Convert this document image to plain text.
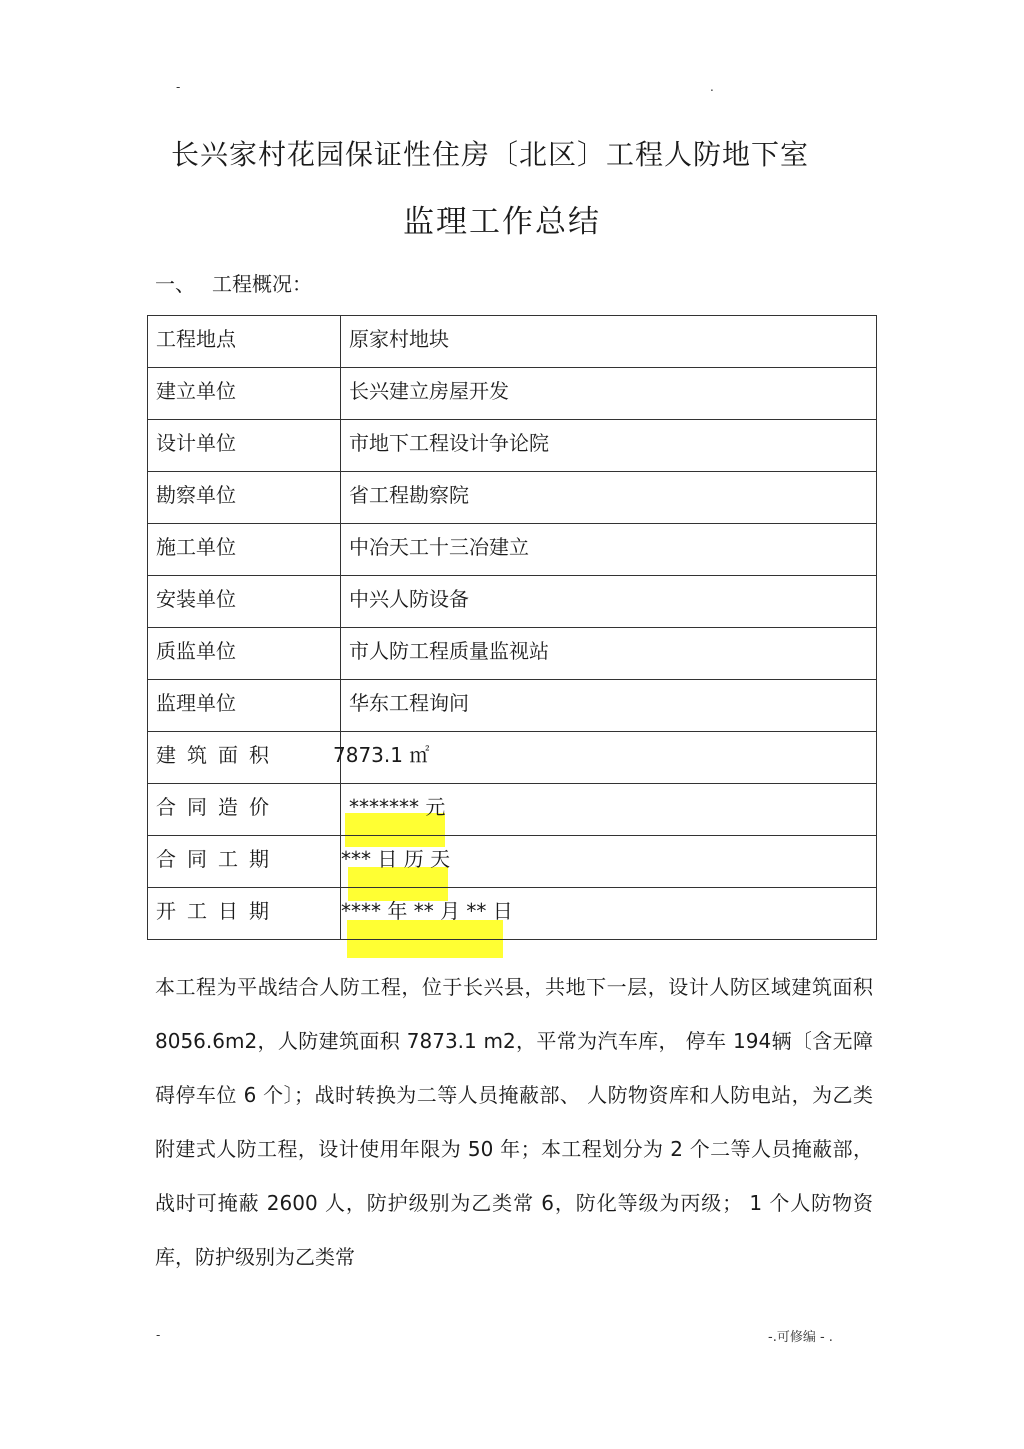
-	.
长兴家村花园保证性住房〔北区〕工程人防地下室
监理工作总结
一、 工程概况：
工程地点	原家村地块
建立单位	长兴建立房屋开发
设计单位	市地下工程设计争论院
勘察单位	省工程勘察院
施工单位	中冶天工十三冶建立
安装单位	中兴人防设备
质监单位	市人防工程质量监视站
监理单位	华东工程询问
建筑面积	7873.1 ㎡
合同造价	******* 元
合同工期	*** 日 历 天
开工日期	**** 年 ** 月 ** 日
本工程为平战结合人防工程，位于长兴县，共地下一层，设计人防区域建筑面积 8056.6m2，人防建筑面积 7873.1 m2，平常为汽车库， 停车 194辆〔含无障碍停车位 6 个〕；战时转换为二等人员掩蔽部、 人防物资库和人防电站，为乙类附建式人防工程，设计使用年限为 50 年；本工程划分为 2 个二等人员掩蔽部，战时可掩蔽 2600 人，防护级别为乙类常 6，防化等级为丙级； 1 个人防物资库，防护级别为乙类常
-	-.可修编 - .
